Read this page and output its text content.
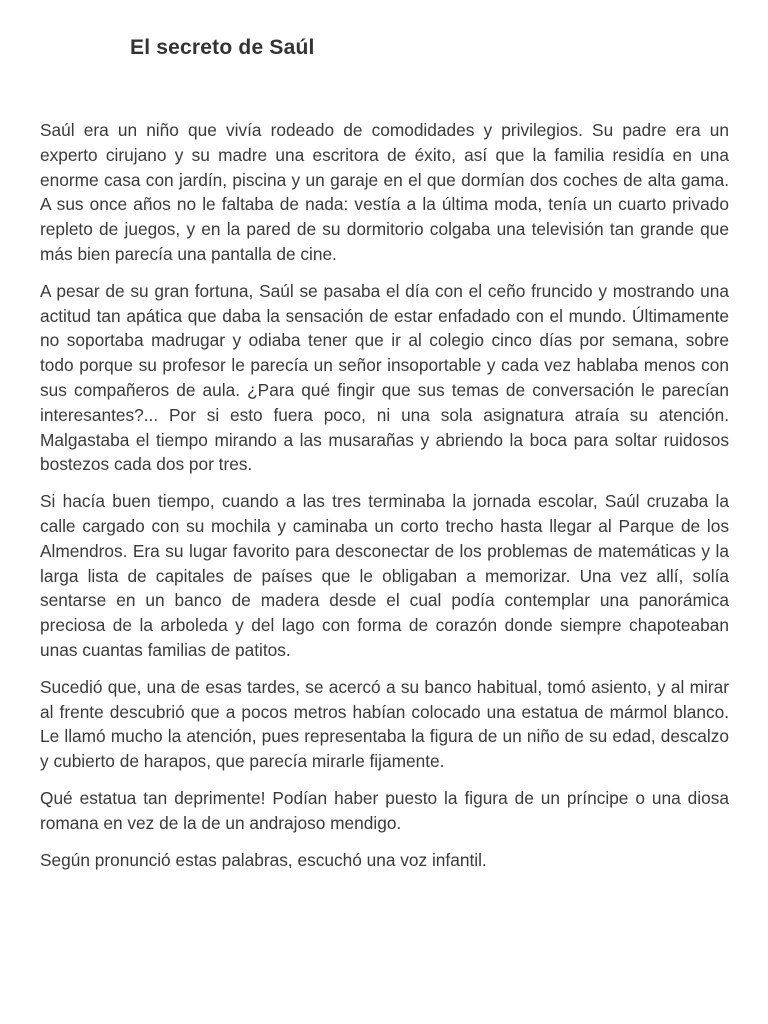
El secreto de Saúl

Saúl era un niño que vivía rodeado de comodidades y privilegios. Su padre era un experto cirujano y su madre una escritora de éxito, así que la familia residía en una enorme casa con jardín, piscina y un garaje en el que dormían dos coches de alta gama. A sus once años no le faltaba de nada: vestía a la última moda, tenía un cuarto privado repleto de juegos, y en la pared de su dormitorio colgaba una televisión tan grande que más bien parecía una pantalla de cine.

A pesar de su gran fortuna, Saúl se pasaba el día con el ceño fruncido y mostrando una actitud tan apática que daba la sensación de estar enfadado con el mundo. Últimamente no soportaba madrugar y odiaba tener que ir al colegio cinco días por semana, sobre todo porque su profesor le parecía un señor insoportable y cada vez hablaba menos con sus compañeros de aula. ¿Para qué fingir que sus temas de conversación le parecían interesantes?... Por si esto fuera poco, ni una sola asignatura atraía su atención. Malgastaba el tiempo mirando a las musarañas y abriendo la boca para soltar ruidosos bostezos cada dos por tres.

Si hacía buen tiempo, cuando a las tres terminaba la jornada escolar, Saúl cruzaba la calle cargado con su mochila y caminaba un corto trecho hasta llegar al Parque de los Almendros. Era su lugar favorito para desconectar de los problemas de matemáticas y la larga lista de capitales de países que le obligaban a memorizar. Una vez allí, solía sentarse en un banco de madera desde el cual podía contemplar una panorámica preciosa de la arboleda y del lago con forma de corazón donde siempre chapoteaban unas cuantas familias de patitos.

Sucedió que, una de esas tardes, se acercó a su banco habitual, tomó asiento, y al mirar al frente descubrió que a pocos metros habían colocado una estatua de mármol blanco. Le llamó mucho la atención, pues representaba la figura de un niño de su edad, descalzo y cubierto de harapos, que parecía mirarle fijamente.

Qué estatua tan deprimente! Podían haber puesto la figura de un príncipe o una diosa romana en vez de la de un andrajoso mendigo.

Según pronunció estas palabras, escuchó una voz infantil.
